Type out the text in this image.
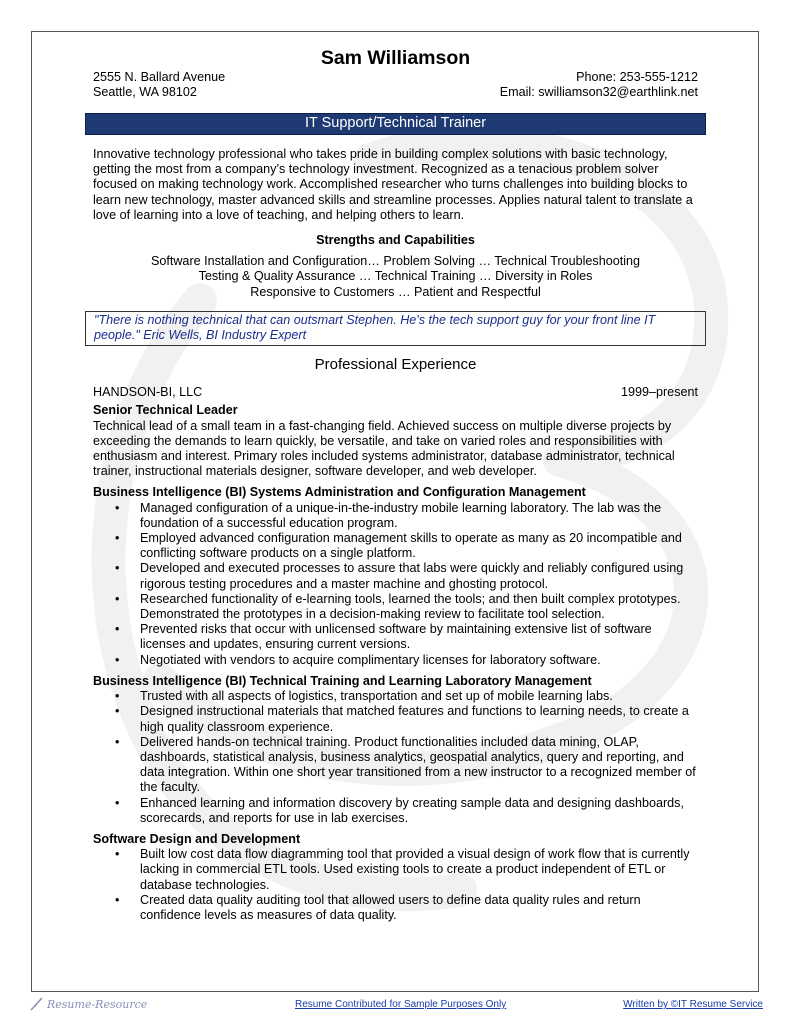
Sam Williamson
2555 N. Ballard Avenue	Phone: 253-555-1212
Seattle, WA 98102	Email: swilliamson32@earthlink.net
IT Support/Technical Trainer
Innovative technology professional who takes pride in building complex solutions with basic technology, getting the most from a company’s technology investment. Recognized as a tenacious problem solver focused on making technology work. Accomplished researcher who turns challenges into building blocks to learn new technology, master advanced skills and streamline processes. Applies natural talent to translate a love of learning into a love of teaching, and helping others to learn.
Strengths and Capabilities
Software Installation and Configuration… Problem Solving … Technical Troubleshooting
Testing & Quality Assurance … Technical Training … Diversity in Roles
Responsive to Customers … Patient and Respectful
"There is nothing technical that can outsmart Stephen. He's the tech support guy for your front line IT people." Eric Wells, BI Industry Expert
Professional Experience
HANDSON-BI, LLC	1999–present
Senior Technical Leader
Technical lead of a small team in a fast-changing field. Achieved success on multiple diverse projects by exceeding the demands to learn quickly, be versatile, and take on varied roles and responsibilities with enthusiasm and interest. Primary roles included systems administrator, database administrator, technical trainer, instructional materials designer, software developer, and web developer.
Business Intelligence (BI) Systems Administration and Configuration Management
• Managed configuration of a unique-in-the-industry mobile learning laboratory. The lab was the foundation of a successful education program.
• Employed advanced configuration management skills to operate as many as 20 incompatible and conflicting software products on a single platform.
• Developed and executed processes to assure that labs were quickly and reliably configured using rigorous testing procedures and a master machine and ghosting protocol.
• Researched functionality of e-learning tools, learned the tools; and then built complex prototypes. Demonstrated the prototypes in a decision-making review to facilitate tool selection.
• Prevented risks that occur with unlicensed software by maintaining extensive list of software licenses and updates, ensuring current versions.
• Negotiated with vendors to acquire complimentary licenses for laboratory software.
Business Intelligence (BI) Technical Training and Learning Laboratory Management
• Trusted with all aspects of logistics, transportation and set up of mobile learning labs.
• Designed instructional materials that matched features and functions to learning needs, to create a high quality classroom experience.
• Delivered hands-on technical training. Product functionalities included data mining, OLAP, dashboards, statistical analysis, business analytics, geospatial analytics, query and reporting, and data integration. Within one short year transitioned from a new instructor to a recognized member of the faculty.
• Enhanced learning and information discovery by creating sample data and designing dashboards, scorecards, and reports for use in lab exercises.
Software Design and Development
• Built low cost data flow diagramming tool that provided a visual design of work flow that is currently lacking in commercial ETL tools. Used existing tools to create a product independent of ETL or database technologies.
• Created data quality auditing tool that allowed users to define data quality rules and return confidence levels as measures of data quality.
Resume-Resource	Resume Contributed for Sample Purposes Only	Written by ©IT Resume Service
